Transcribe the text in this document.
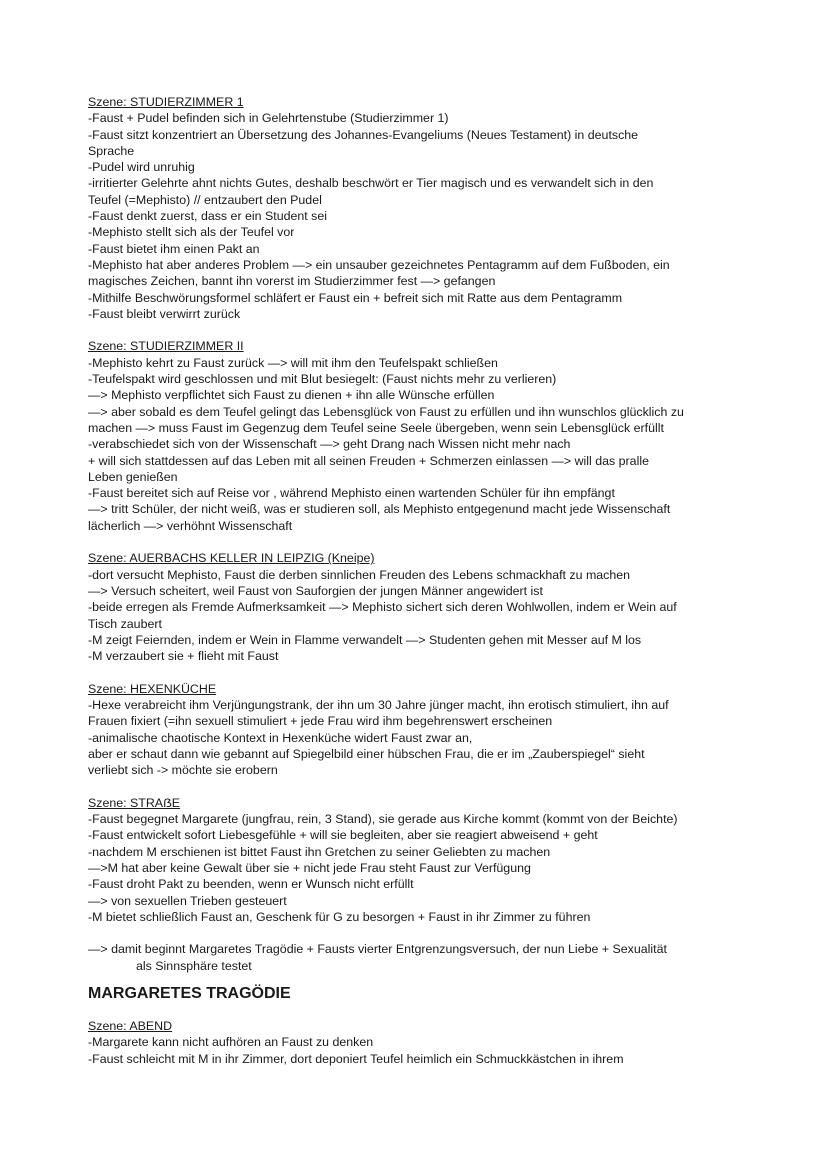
Szene: STUDIERZIMMER 1
-Faust + Pudel befinden sich in Gelehrtenstube (Studierzimmer 1)
-Faust sitzt konzentriert an Übersetzung des Johannes-Evangeliums (Neues Testament) in deutsche
Sprache
-Pudel wird unruhig
-irritierter Gelehrte ahnt nichts Gutes, deshalb beschwört er Tier magisch und es verwandelt sich in den
Teufel (=Mephisto) // entzaubert den Pudel
-Faust denkt zuerst, dass er ein Student sei
-Mephisto stellt sich als der Teufel vor
-Faust bietet ihm einen Pakt an
-Mephisto hat aber anderes Problem —> ein unsauber gezeichnetes Pentagramm auf dem Fußboden, ein
magisches Zeichen, bannt ihn vorerst im Studierzimmer fest —> gefangen
-Mithilfe Beschwörungsformel schläfert er Faust ein + befreit sich mit Ratte aus dem Pentagramm
-Faust bleibt verwirrt zurück
Szene: STUDIERZIMMER II
-Mephisto kehrt zu Faust zurück —> will mit ihm den Teufelspakt schließen
-Teufelspakt wird geschlossen und mit Blut besiegelt: (Faust nichts mehr zu verlieren)
—> Mephisto verpflichtet sich Faust zu dienen + ihn alle Wünsche erfüllen
—> aber sobald es dem Teufel gelingt das Lebensglück von Faust zu erfüllen und ihn wunschlos glücklich zu
machen —> muss Faust im Gegenzug dem Teufel seine Seele übergeben, wenn sein Lebensglück erfüllt
-verabschiedet sich von der Wissenschaft —> geht Drang nach Wissen nicht mehr nach
+ will sich stattdessen auf das Leben mit all seinen Freuden + Schmerzen einlassen —> will das pralle
Leben genießen
-Faust bereitet sich auf Reise vor , während Mephisto einen wartenden Schüler für ihn empfängt
—> tritt Schüler, der nicht weiß, was er studieren soll, als Mephisto entgegenund macht jede Wissenschaft
lächerlich —> verhöhnt Wissenschaft
Szene: AUERBACHS KELLER IN LEIPZIG (Kneipe)
-dort versucht Mephisto, Faust die derben sinnlichen Freuden des Lebens schmackhaft zu machen
—> Versuch scheitert, weil Faust von Sauforgien der jungen Männer angewidert ist
-beide erregen als Fremde Aufmerksamkeit —> Mephisto sichert sich deren Wohlwollen, indem er Wein auf
Tisch zaubert
-M zeigt Feiernden, indem er Wein in Flamme verwandelt —> Studenten gehen mit Messer auf M los
-M verzaubert sie + flieht mit Faust
Szene: HEXENKÜCHE
-Hexe verabreicht ihm Verjüngungstrank, der ihn um 30 Jahre jünger macht, ihn erotisch stimuliert, ihn auf
Frauen fixiert (=ihn sexuell stimuliert + jede Frau wird ihm begehrenswert erscheinen
-animalische chaotische Kontext in Hexenküche widert Faust zwar an,
aber er schaut dann wie gebannt auf Spiegelbild einer hübschen Frau, die er im „Zauberspiegel“ sieht
verliebt sich -> möchte sie erobern
Szene: STRAẞE
-Faust begegnet Margarete (jungfrau, rein, 3 Stand), sie gerade aus Kirche kommt (kommt von der Beichte)
-Faust entwickelt sofort Liebesgefühle + will sie begleiten, aber sie reagiert abweisend + geht
-nachdem M erschienen ist bittet Faust ihn Gretchen zu seiner Geliebten zu machen
—>M hat aber keine Gewalt über sie + nicht jede Frau steht Faust zur Verfügung
-Faust droht Pakt zu beenden, wenn er Wunsch nicht erfüllt
—> von sexuellen Trieben gesteuert
-M bietet schließlich Faust an, Geschenk für G zu besorgen + Faust in ihr Zimmer zu führen
—> damit beginnt Margaretes Tragödie + Fausts vierter Entgrenzungsversuch, der nun Liebe + Sexualität
als Sinnsphäre testet
MARGARETES TRAGÖDIE
Szene: ABEND
-Margarete kann nicht aufhören an Faust zu denken
-Faust schleicht mit M in ihr Zimmer, dort deponiert Teufel heimlich ein Schmuckkästchen in ihrem
